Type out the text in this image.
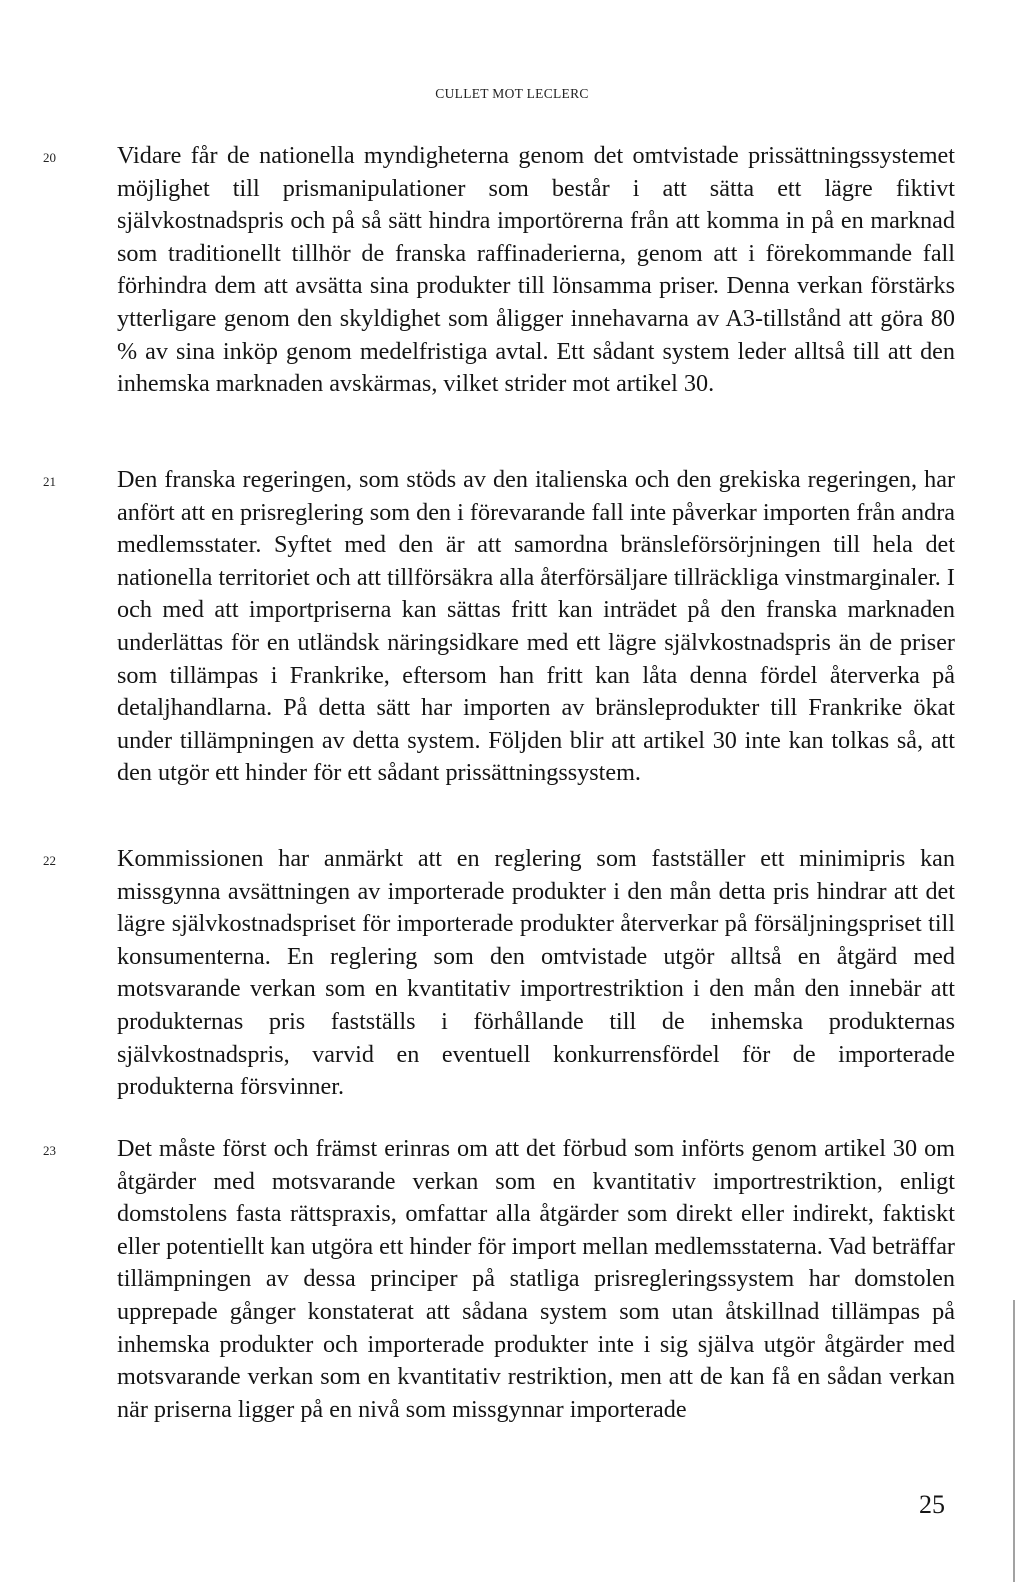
CULLET MOT LECLERC
20	Vidare får de nationella myndigheterna genom det omtvistade prissättningssystemet möjlighet till prismanipulationer som består i att sätta ett lägre fiktivt självkostnadspris och på så sätt hindra importörerna från att komma in på en marknad som traditionellt tillhör de franska raffinaderierna, genom att i förekommande fall förhindra dem att avsätta sina produkter till lönsamma priser. Denna verkan förstärks ytterligare genom den skyldighet som åligger innehavarna av A3-tillstånd att göra 80 % av sina inköp genom medelfristiga avtal. Ett sådant system leder alltså till att den inhemska marknaden avskärmas, vilket strider mot artikel 30.

21	Den franska regeringen, som stöds av den italienska och den grekiska regeringen, har anfört att en prisreglering som den i förevarande fall inte påverkar importen från andra medlemsstater. Syftet med den är att samordna bränsleförsörjningen till hela det nationella territoriet och att tillförsäkra alla återförsäljare tillräckliga vinstmarginaler. I och med att importpriserna kan sättas fritt kan inträdet på den franska marknaden underlättas för en utländsk näringsidkare med ett lägre självkostnadspris än de priser som tillämpas i Frankrike, eftersom han fritt kan låta denna fördel återverka på detaljhandlarna. På detta sätt har importen av bränsleprodukter till Frankrike ökat under tillämpningen av detta system. Följden blir att artikel 30 inte kan tolkas så, att den utgör ett hinder för ett sådant prissättningssystem.

22	Kommissionen har anmärkt att en reglering som fastställer ett minimipris kan missgynna avsättningen av importerade produkter i den mån detta pris hindrar att det lägre självkostnadspriset för importerade produkter återverkar på försäljningspriset till konsumenterna. En reglering som den omtvistade utgör alltså en åtgärd med motsvarande verkan som en kvantitativ importrestriktion i den mån den innebär att produkternas pris fastställs i förhållande till de inhemska produkternas självkostnadspris, varvid en eventuell konkurrensfördel för de importerade produkterna försvinner.

23	Det måste först och främst erinras om att det förbud som införts genom artikel 30 om åtgärder med motsvarande verkan som en kvantitativ importrestriktion, enligt domstolens fasta rättspraxis, omfattar alla åtgärder som direkt eller indirekt, faktiskt eller potentiellt kan utgöra ett hinder för import mellan medlemsstaterna. Vad beträffar tillämpningen av dessa principer på statliga prisregleringssystem har domstolen upprepade gånger konstaterat att sådana system som utan åtskillnad tillämpas på inhemska produkter och importerade produkter inte i sig själva utgör åtgärder med motsvarande verkan som en kvantitativ restriktion, men att de kan få en sådan verkan när priserna ligger på en nivå som missgynnar importerade

25
